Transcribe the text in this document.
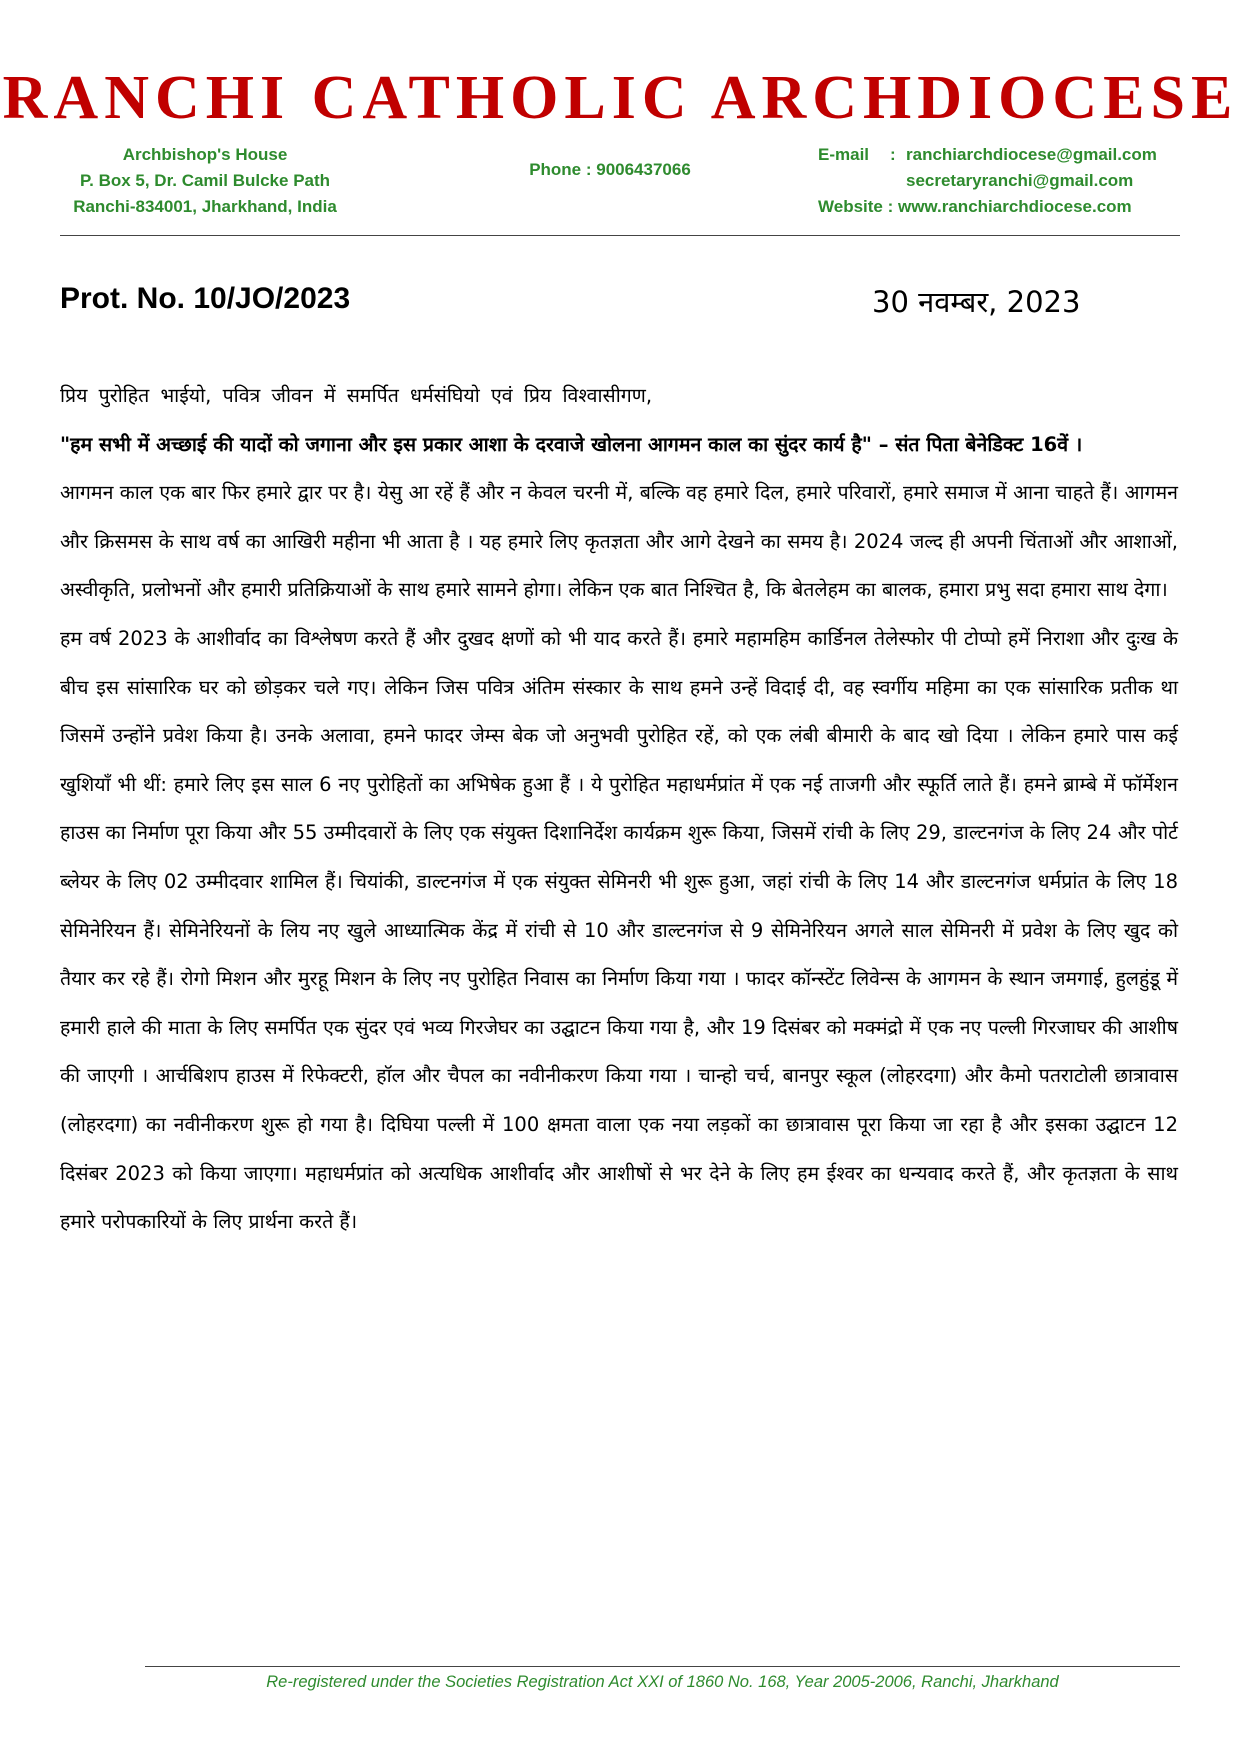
RANCHI CATHOLIC ARCHDIOCESE
Archbishop's House
P. Box 5, Dr. Camil Bulcke Path
Ranchi-834001, Jharkhand, India
Phone : 9006437066
E-mail	: ranchiarchdiocese@gmail.com
secretaryranchi@gmail.com
Website : www.ranchiarchdiocese.com
Prot. No. 10/JO/2023	30 नवम्बर, 2023

प्रिय पुरोहित भाईयो, पवित्र जीवन में समर्पित धर्मसंघियो एवं प्रिय विश्वासीगण,

"हम सभी में अच्छाई की यादों को जगाना और इस प्रकार आशा के दरवाजे खोलना आगमन काल का सुंदर कार्य है" – संत पिता बेनेडिक्ट 16वें ।

आगमन काल एक बार फिर हमारे द्वार पर है। येसु आ रहें हैं और न केवल चरनी में, बल्कि वह हमारे दिल, हमारे परिवारों, हमारे समाज में आना चाहते हैं। आगमन और क्रिसमस के साथ वर्ष का आखिरी महीना भी आता है । यह हमारे लिए कृतज्ञता और आगे देखने का समय है। 2024 जल्द ही अपनी चिंताओं और आशाओं, अस्वीकृति, प्रलोभनों और हमारी प्रतिक्रियाओं के साथ हमारे सामने होगा। लेकिन एक बात निश्चित है, कि बेतलेहम का बालक, हमारा प्रभु सदा हमारा साथ देगा।

हम वर्ष 2023 के आशीर्वाद का विश्लेषण करते हैं और दुखद क्षणों को भी याद करते हैं। हमारे महामहिम कार्डिनल तेलेस्फोर पी टोप्पो हमें निराशा और दुःख के बीच इस सांसारिक घर को छोड़कर चले गए। लेकिन जिस पवित्र अंतिम संस्कार के साथ हमने उन्हें विदाई दी, वह स्वर्गीय महिमा का एक सांसारिक प्रतीक था जिसमें उन्होंने प्रवेश किया है। उनके अलावा, हमने फादर जेम्स बेक जो अनुभवी पुरोहित रहें, को एक लंबी बीमारी के बाद खो दिया । लेकिन हमारे पास कई खुशियाँ भी थीं: हमारे लिए इस साल 6 नए पुरोहितों का अभिषेक हुआ हैं । ये पुरोहित महाधर्मप्रांत में एक नई ताजगी और स्फूर्ति लाते हैं। हमने ब्राम्बे में फॉर्मेशन हाउस का निर्माण पूरा किया और 55 उम्मीदवारों के लिए एक संयुक्त दिशानिर्देश कार्यक्रम शुरू किया, जिसमें रांची के लिए 29, डाल्टनगंज के लिए 24 और पोर्ट ब्लेयर के लिए 02 उम्मीदवार शामिल हैं। चियांकी, डाल्टनगंज में एक संयुक्त सेमिनरी भी शुरू हुआ, जहां रांची के लिए 14 और डाल्टनगंज धर्मप्रांत के लिए 18 सेमिनेरियन हैं। सेमिनेरियनों के लिय नए खुले आध्यात्मिक केंद्र में रांची से 10 और डाल्टनगंज से 9 सेमिनेरियन अगले साल सेमिनरी में प्रवेश के लिए खुद को तैयार कर रहे हैं। रोगो मिशन और मुरहू मिशन के लिए नए पुरोहित निवास का निर्माण किया गया । फादर कॉन्स्टेंट लिवेन्स के आगमन के स्थान जमगाई, हुलहुंडू में हमारी हाले की माता के लिए समर्पित एक सुंदर एवं भव्य गिरजेघर का उद्घाटन किया गया है, और 19 दिसंबर को मक्मंद्रो में एक नए पल्ली गिरजाघर की आशीष की जाएगी । आर्चबिशप हाउस में रिफेक्टरी, हॉल और चैपल का नवीनीकरण किया गया । चान्हो चर्च, बानपुर स्कूल (लोहरदगा) और कैमो पतराटोली छात्रावास (लोहरदगा) का नवीनीकरण शुरू हो गया है। दिघिया पल्ली में 100 क्षमता वाला एक नया लड़कों का छात्रावास पूरा किया जा रहा है और इसका उद्घाटन 12 दिसंबर 2023 को किया जाएगा। महाधर्मप्रांत को अत्यधिक आशीर्वाद और आशीषों से भर देने के लिए हम ईश्वर का धन्यवाद करते हैं, और कृतज्ञता के साथ हमारे परोपकारियों के लिए प्रार्थना करते हैं।

Re-registered under the Societies Registration Act XXI of 1860 No. 168, Year 2005-2006, Ranchi, Jharkhand
